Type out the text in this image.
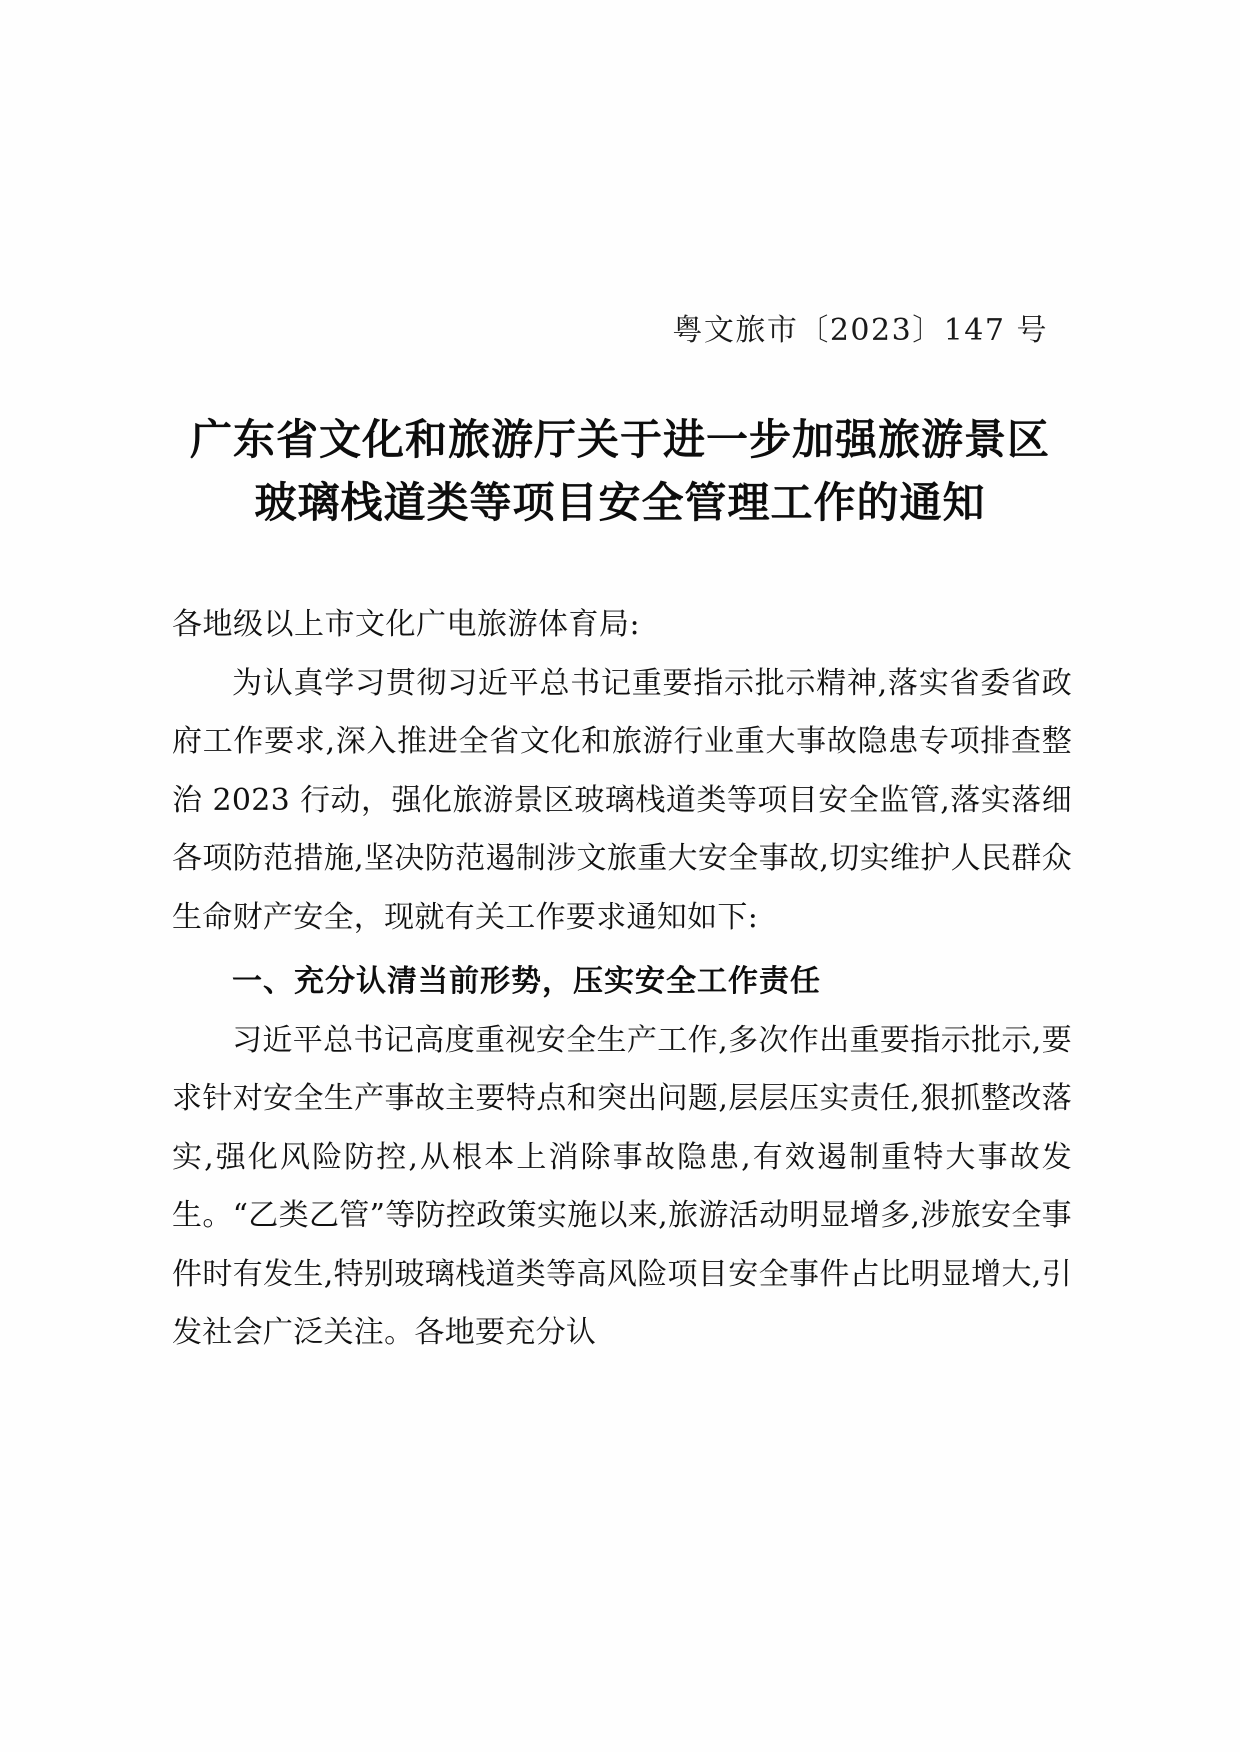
粤文旅市〔2023〕147 号
广东省文化和旅游厅关于进一步加强旅游景区
玻璃栈道类等项目安全管理工作的通知
各地级以上市文化广电旅游体育局:

为认真学习贯彻习近平总书记重要指示批示精神,落实省委省政府工作要求,深入推进全省文化和旅游行业重大事故隐患专项排查整治 2023 行动，强化旅游景区玻璃栈道类等项目安全监管,落实落细各项防范措施,坚决防范遏制涉文旅重大安全事故,切实维护人民群众生命财产安全，现就有关工作要求通知如下:

一、充分认清当前形势，压实安全工作责任

习近平总书记高度重视安全生产工作,多次作出重要指示批示,要求针对安全生产事故主要特点和突出问题,层层压实责任,狠抓整改落实,强化风险防控,从根本上消除事故隐患,有效遏制重特大事故发生。“乙类乙管”等防控政策实施以来,旅游活动明显增多,涉旅安全事件时有发生,特别玻璃栈道类等高风险项目安全事件占比明显增大,引发社会广泛关注。各地要充分认
